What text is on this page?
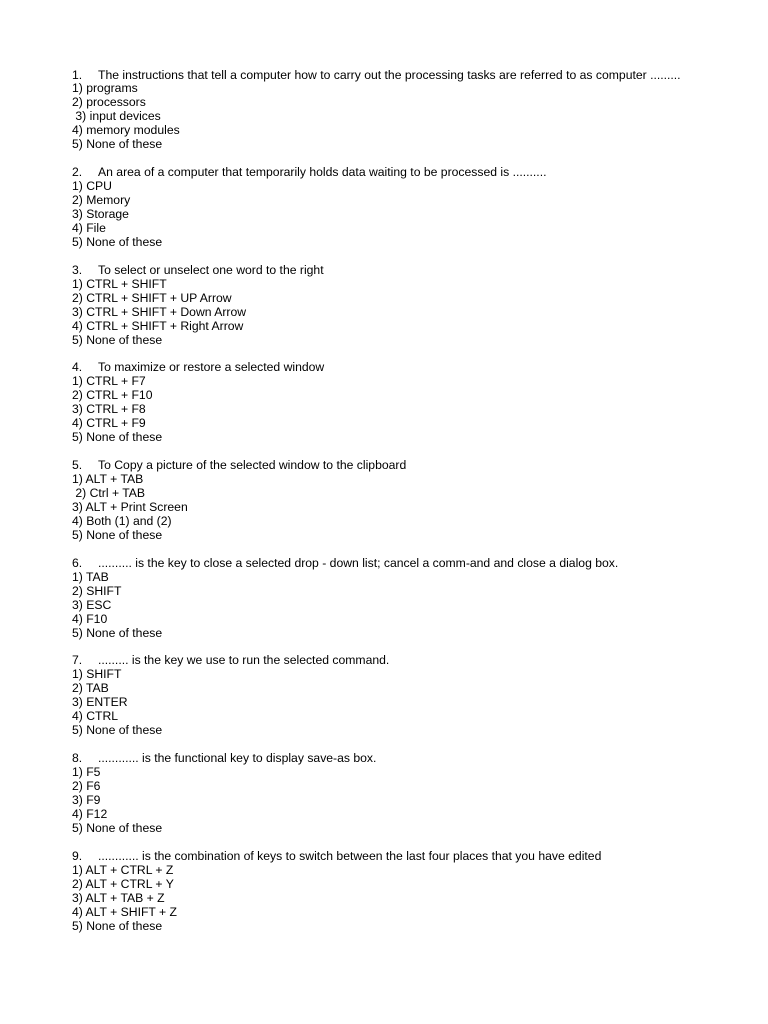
1. The instructions that tell a computer how to carry out the processing tasks are referred to as computer .........
1) programs
2) processors
3) input devices
4) memory modules
5) None of these
2. An area of a computer that temporarily holds data waiting to be processed is ..........
1) CPU
2) Memory
3) Storage
4) File
5) None of these
3. To select or unselect one word to the right
1) CTRL + SHIFT
2) CTRL + SHIFT + UP Arrow
3) CTRL + SHIFT + Down Arrow
4) CTRL + SHIFT + Right Arrow
5) None of these
4. To maximize or restore a selected window
1) CTRL + F7
2) CTRL + F10
3) CTRL + F8
4) CTRL + F9
5) None of these
5. To Copy a picture of the selected window to the clipboard
1) ALT + TAB
2) Ctrl + TAB
3) ALT + Print Screen
4) Both (1) and (2)
5) None of these
6. .......... is the key to close a selected drop - down list; cancel a comm-and and close a dialog box.
1) TAB
2) SHIFT
3) ESC
4) F10
5) None of these
7. ......... is the key we use to run the selected command.
1) SHIFT
2) TAB
3) ENTER
4) CTRL
5) None of these
8. ............ is the functional key to display save-as box.
1) F5
2) F6
3) F9
4) F12
5) None of these
9. ............ is the combination of keys to switch between the last four places that you have edited
1) ALT + CTRL + Z
2) ALT + CTRL + Y
3) ALT + TAB + Z
4) ALT + SHIFT + Z
5) None of these
